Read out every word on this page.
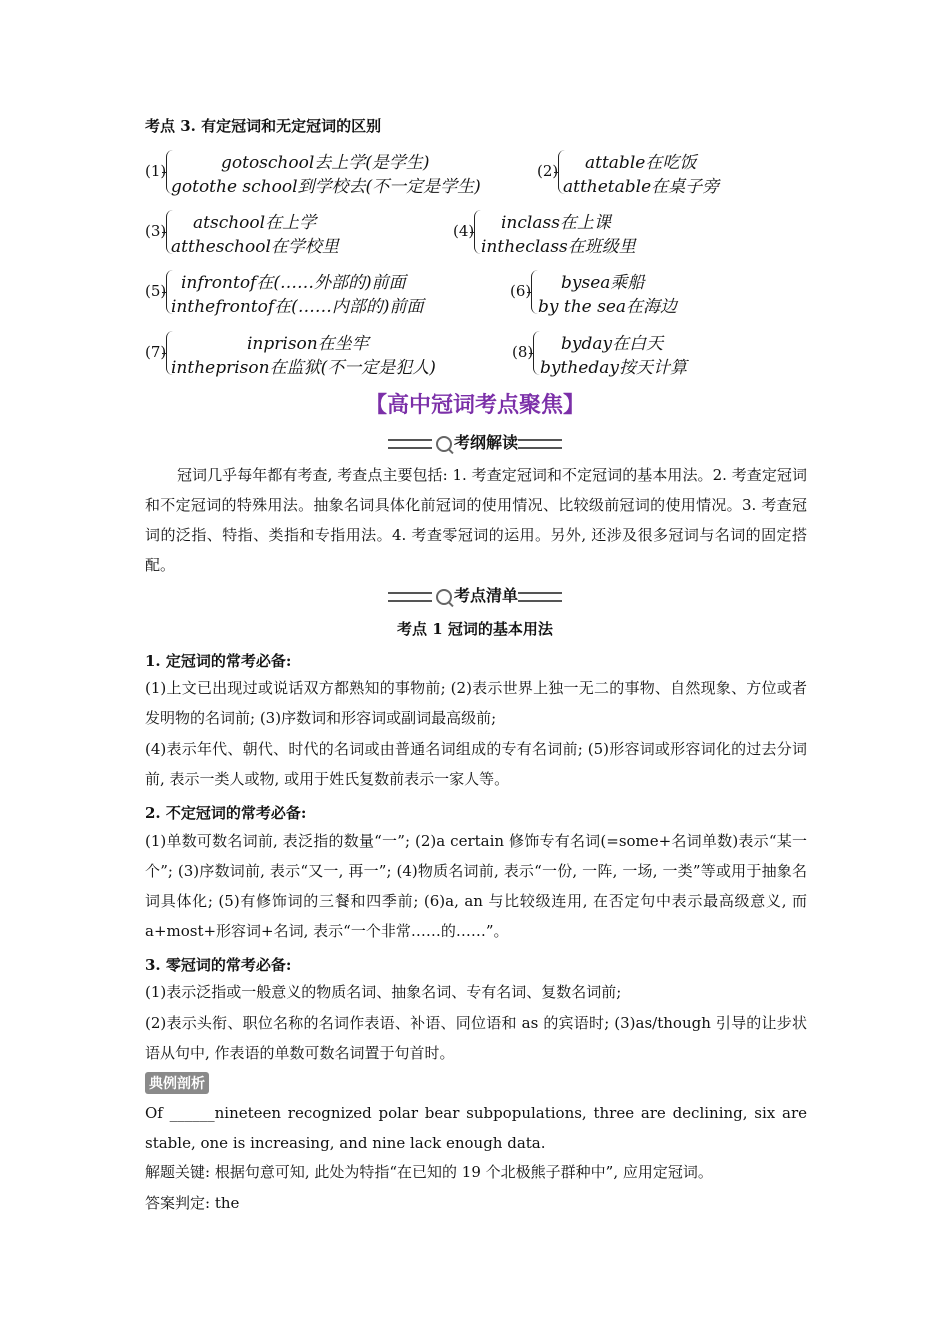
考点 3. 有定冠词和无定冠词的区别
(1)	gotoschool去上学(是学生)
gotothe school到学校去(不一定是学生)
(2) attable在吃饭
atthetable在桌子旁
(3) atschool在上学
attheschool在学校里
(4) inclass在上课
intheclass在班级里
(5) infrontof在(……外部的)前面
inthefrontof在(……内部的)前面
(6) bysea乘船
by the sea在海边
(7)	inprison在坐牢
intheprison在监狱(不一定是犯人)
(8) byday在白天
bytheday按天计算
【高中冠词考点聚焦】
考纲解读
冠词几乎每年都有考查, 考查点主要包括: 1. 考查定冠词和不定冠词的基本用法。2. 考查定冠词和不定冠词的特殊用法。抽象名词具体化前冠词的使用情况、比较级前冠词的使用情况。3. 考查冠词的泛指、特指、类指和专指用法。4. 考查零冠词的运用。另外, 还涉及很多冠词与名词的固定搭配。
考点清单
考点 1 冠词的基本用法
1. 定冠词的常考必备:
(1)上文已出现过或说话双方都熟知的事物前; (2)表示世界上独一无二的事物、自然现象、方位或者发明物的名词前; (3)序数词和形容词或副词最高级前;
(4)表示年代、朝代、时代的名词或由普通名词组成的专有名词前; (5)形容词或形容词化的过去分词前, 表示一类人或物, 或用于姓氏复数前表示一家人等。
2. 不定冠词的常考必备:
(1)单数可数名词前, 表泛指的数量“一”; (2)a certain 修饰专有名词(=some+名词单数)表示“某一个”; (3)序数词前, 表示“又一, 再一”; (4)物质名词前, 表示“一份, 一阵, 一场, 一类”等或用于抽象名词具体化; (5)有修饰词的三餐和四季前; (6)a, an 与比较级连用, 在否定句中表示最高级意义, 而 a+most+形容词+名词, 表示“一个非常……的……”。
3. 零冠词的常考必备:
(1)表示泛指或一般意义的物质名词、抽象名词、专有名词、复数名词前;
(2)表示头衔、职位名称的名词作表语、补语、同位语和 as 的宾语时; (3)as/though 引导的让步状语从句中, 作表语的单数可数名词置于句首时。
典例剖析
Of ______nineteen recognized polar bear subpopulations, three are declining, six are stable, one is increasing, and nine lack enough data.
解题关键: 根据句意可知, 此处为特指“在已知的 19 个北极熊子群种中”, 应用定冠词。
答案判定: the
